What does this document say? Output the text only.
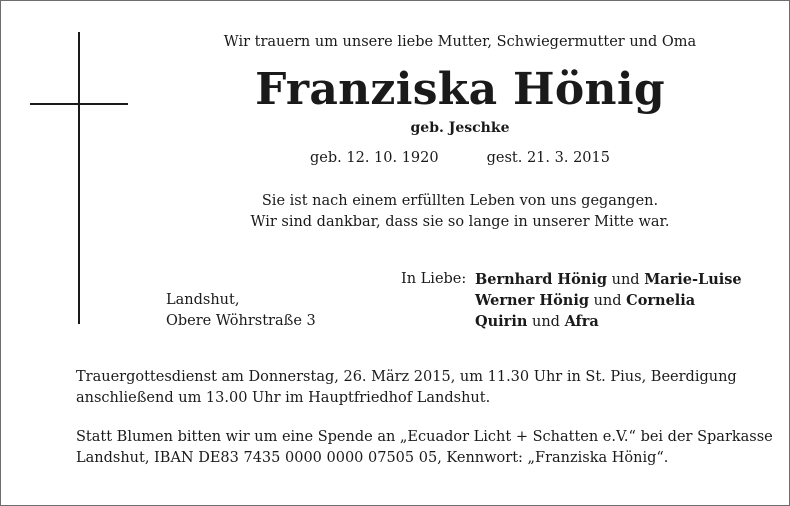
Wir trauern um unsere liebe Mutter, Schwiegermutter und Oma
Franziska Hönig
geb. Jeschke
geb. 12. 10. 1920	gest. 21. 3. 2015
Sie ist nach einem erfüllten Leben von uns gegangen.
Wir sind dankbar, dass sie so lange in unserer Mitte war.
In Liebe: Bernhard Hönig und Marie-Luise
Werner Hönig und Cornelia
Quirin und Afra
Landshut,
Obere Wöhrstraße 3
Trauergottesdienst am Donnerstag, 26. März 2015, um 11.30 Uhr in St. Pius, Beerdigung
anschließend um 13.00 Uhr im Hauptfriedhof Landshut.
Statt Blumen bitten wir um eine Spende an „Ecuador Licht + Schatten e.V.“ bei der Sparkasse
Landshut, IBAN DE83 7435 0000 0000 07505 05, Kennwort: „Franziska Hönig“.
